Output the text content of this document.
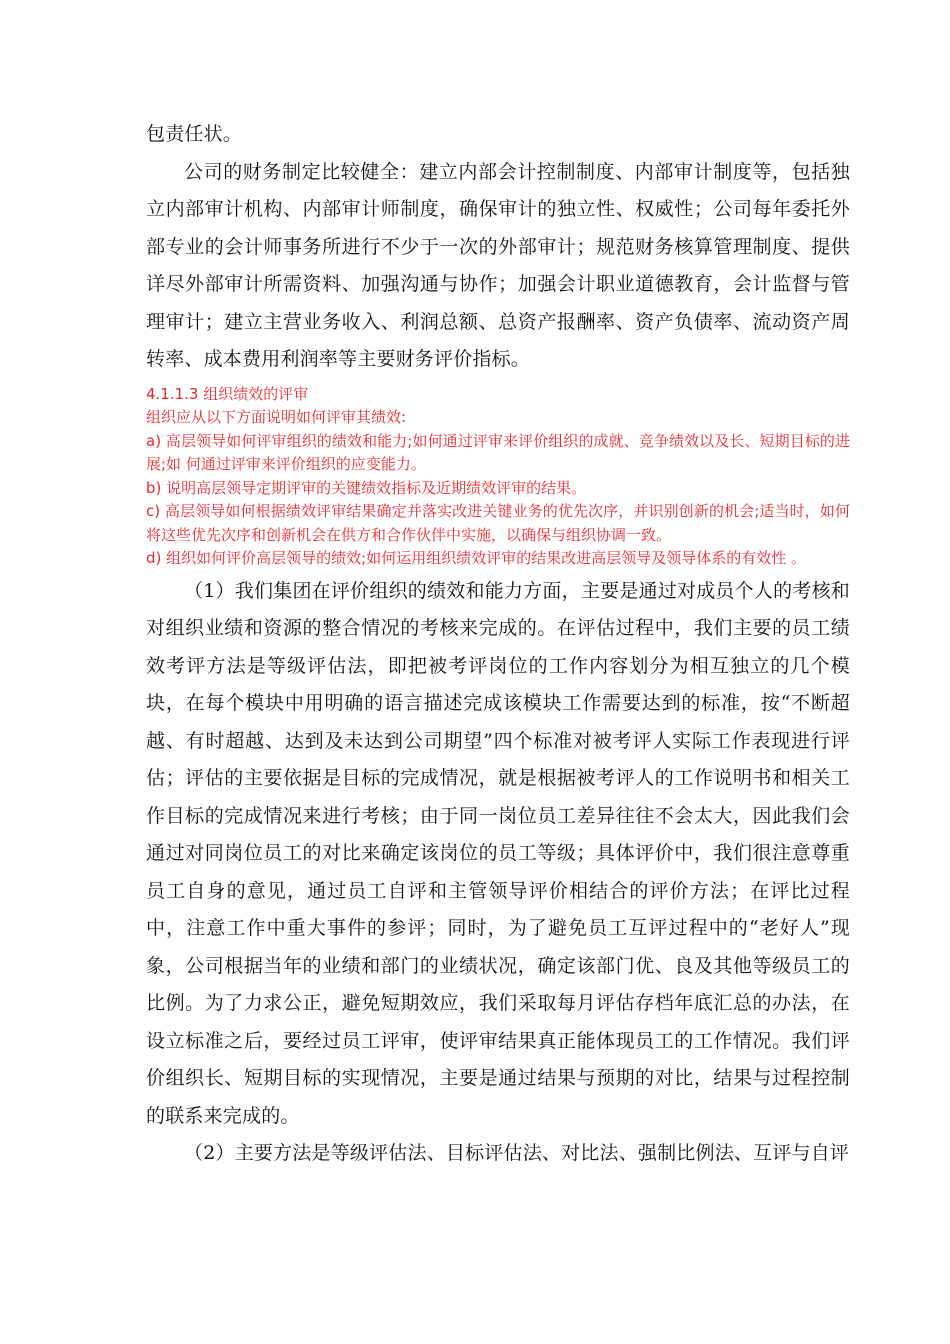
包责任状。

公司的财务制定比较健全：建立内部会计控制制度、内部审计制度等，包括独立内部审计机构、内部审计师制度，确保审计的独立性、权威性；公司每年委托外部专业的会计师事务所进行不少于一次的外部审计；规范财务核算管理制度、提供详尽外部审计所需资料、加强沟通与协作；加强会计职业道德教育，会计监督与管理审计；建立主营业务收入、利润总额、总资产报酬率、资产负债率、流动资产周转率、成本费用利润率等主要财务评价指标。

4.1.1.3 组织绩效的评审

组织应从以下方面说明如何评审其绩效:

a) 高层领导如何评审组织的绩效和能力;如何通过评审来评价组织的成就、竞争绩效以及长、短期目标的进展;如 何通过评审来评价组织的应变能力。

b) 说明高层领导定期评审的关键绩效指标及近期绩效评审的结果。

c) 高层领导如何根据绩效评审结果确定并落实改进关键业务的优先次序，并识别创新的机会;适当时，如何将这些优先次序和创新机会在供方和合作伙伴中实施，以确保与组织协调一致。

d) 组织如何评价高层领导的绩效;如何运用组织绩效评审的结果改进高层领导及领导体系的有效性 。

（1）我们集团在评价组织的绩效和能力方面，主要是通过对成员个人的考核和对组织业绩和资源的整合情况的考核来完成的。在评估过程中，我们主要的员工绩效考评方法是等级评估法，即把被考评岗位的工作内容划分为相互独立的几个模块，在每个模块中用明确的语言描述完成该模块工作需要达到的标准，按“不断超越、有时超越、达到及未达到公司期望”四个标准对被考评人实际工作表现进行评估；评估的主要依据是目标的完成情况，就是根据被考评人的工作说明书和相关工作目标的完成情况来进行考核；由于同一岗位员工差异往往不会太大，因此我们会通过对同岗位员工的对比来确定该岗位的员工等级；具体评价中，我们很注意尊重员工自身的意见，通过员工自评和主管领导评价相结合的评价方法；在评比过程中，注意工作中重大事件的参评；同时，为了避免员工互评过程中的“老好人”现象，公司根据当年的业绩和部门的业绩状况，确定该部门优、良及其他等级员工的比例。为了力求公正，避免短期效应，我们采取每月评估存档年底汇总的办法，在设立标准之后，要经过员工评审，使评审结果真正能体现员工的工作情况。我们评价组织长、短期目标的实现情况，主要是通过结果与预期的对比，结果与过程控制的联系来完成的。

（2）主要方法是等级评估法、目标评估法、对比法、强制比例法、互评与自评
